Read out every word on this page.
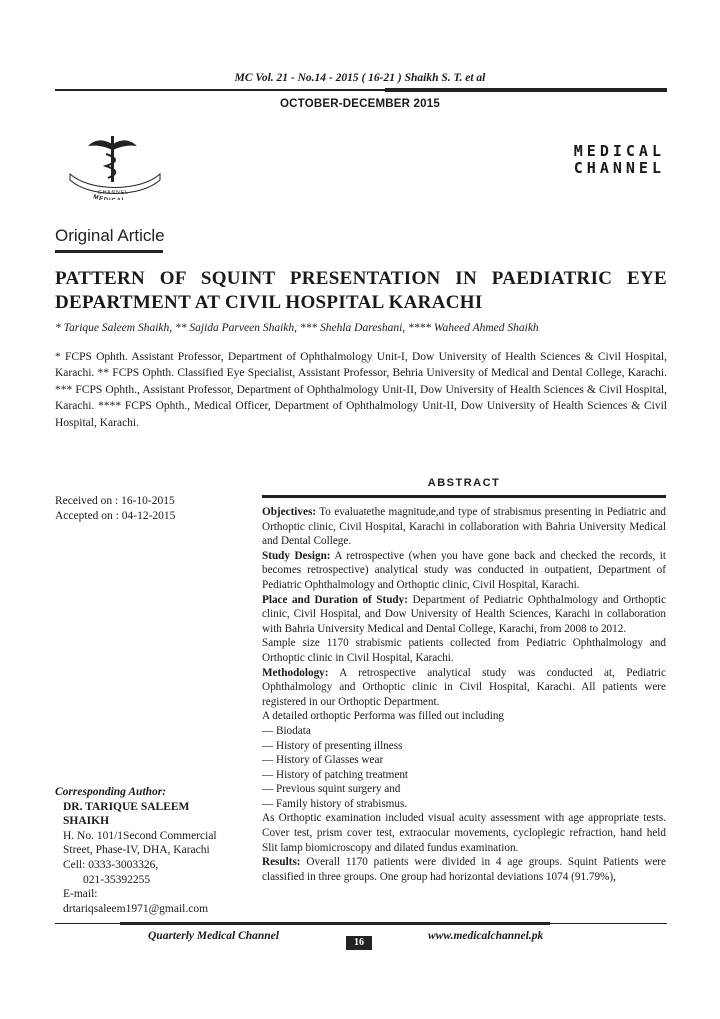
MC Vol. 21 - No.14 - 2015 ( 16-21 ) Shaikh S. T. et al
OCTOBER-DECEMBER 2015
ME
CHANNEL
MEDICAL
CHANNEL
Original Article
PATTERN OF SQUINT PRESENTATION IN PAEDIATRIC EYE DEPARTMENT AT CIVIL HOSPITAL KARACHI
* Tarique Saleem Shaikh, ** Sajida Parveen Shaikh, *** Shehla Dareshani, **** Waheed Ahmed Shaikh
* FCPS Ophth. Assistant Professor, Department of Ophthalmology Unit-I, Dow University of Health Sciences & Civil Hospital, Karachi. ** FCPS Ophth. Classified Eye Specialist, Assistant Professor, Behria University of Medical and Dental College, Karachi. *** FCPS Ophth., Assistant Professor, Department of Ophthalmology Unit-II, Dow University of Health Sciences & Civil Hospital, Karachi. **** FCPS Ophth., Medical Officer, Department of Ophthalmology Unit-II, Dow University of Health Sciences & Civil Hospital, Karachi.
ABSTRACT
Received on : 16-10-2015
Accepted on : 04-12-2015	Objectives: To evaluatethe magnitude,and type of strabismus presenting in Pediatric and Orthoptic clinic, Civil Hospital, Karachi in collaboration with Bahria University Medical and Dental College.

Study Design: A retrospective (when you have gone back and checked the records, it becomes retrospective) analytical study was conducted in outpatient, Department of Pediatric Ophthalmology and Orthoptic clinic, Civil Hospital, Karachi.

Place and Duration of Study: Department of Pediatric Ophthalmology and Orthoptic clinic, Civil Hospital, and Dow University of Health Sciences, Karachi in collaboration with Bahria University Medical and Dental College, Karachi, from 2008 to 2012.

Sample size 1170 strabismic patients collected from Pediatric Ophthalmology and Orthoptic clinic in Civil Hospital, Karachi.

Methodology: A retrospective analytical study was conducted at, Pediatric Ophthalmology and Orthoptic clinic in Civil Hospital, Karachi. All patients were registered in our Orthoptic Department.

A detailed orthoptic Performa was filled out including

— Biodata

— History of presenting illness

— History of Glasses wear

— History of patching treatment

— Previous squint surgery and

— Family history of strabismus.

As Orthoptic examination included visual acuity assessment with age appropriate tests. Cover test, prism cover test, extraocular movements, cycloplegic refraction, hand held Slit lamp biomicroscopy and dilated fundus examination.

Results: Overall 1170 patients were divided in 4 age groups. Squint Patients were classified in three groups. One group had horizontal deviations 1074 (91.79%),

Corresponding Author:
DR. TARIQUE SALEEM
SHAIKH
H. No. 101/1Second Commercial
Street, Phase-IV, DHA, Karachi
Cell: 0333-3003326,
021-35392255
E-mail:
drtariqsaleem1971@gmail.com
Quarterly Medical Channel
16
www.medicalchannel.pk
